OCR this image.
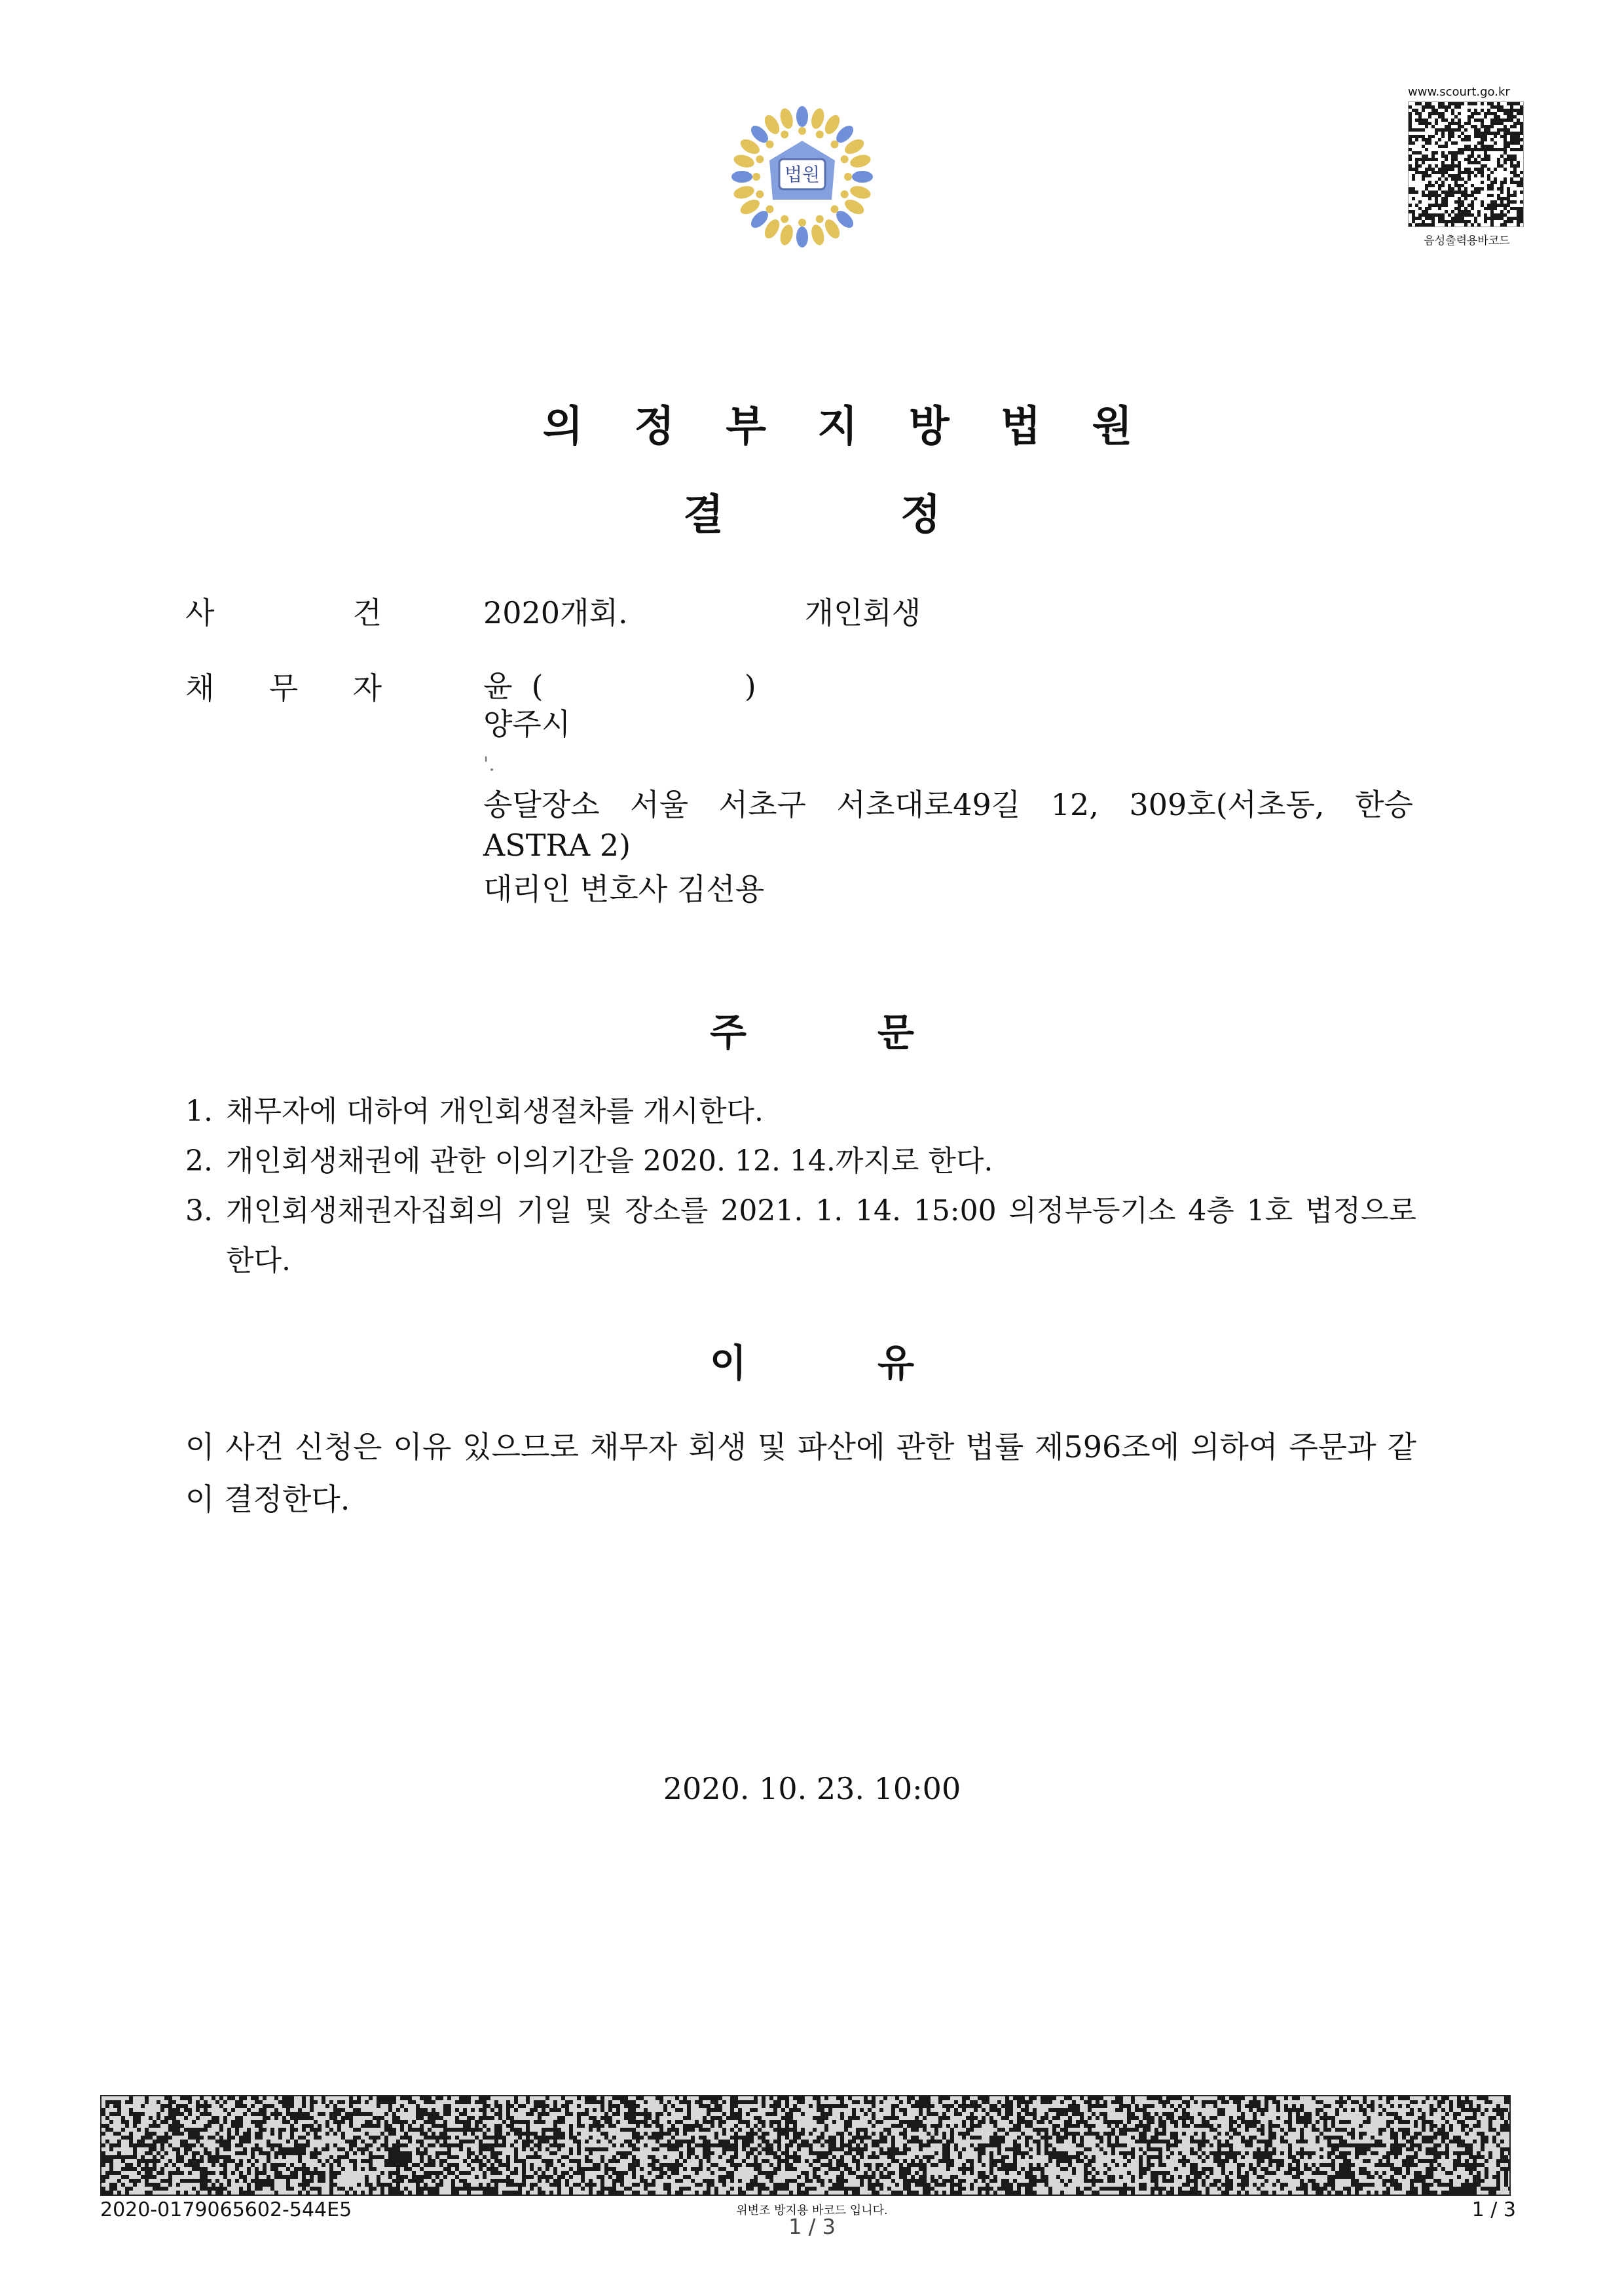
법원
www.scourt.go.kr
음성출력용바코드
의정부지방법원
결	정
사	건	2020개회.	개인회생
채 무 자	윤  (                     )
양주시
'.
송달장소 서울 서초구 서초대로49길 12, 309호(서초동, 한승
ASTRA 2)
대리인 변호사 김선용
주	문
1. 채무자에 대하여 개인회생절차를 개시한다.
2. 개인회생채권에 관한 이의기간을 2020. 12. 14.까지로 한다.
3. 개인회생채권자집회의 기일 및 장소를 2021. 1. 14. 15:00 의정부등기소 4층 1호 법정으로 한다.
이	유
이 사건 신청은 이유 있으므로 채무자 회생 및 파산에 관한 법률 제596조에 의하여 주문과 같이 결정한다.
2020. 10. 23. 10:00
2020-0179065602-544E5	위변조 방지용 바코드 입니다.
1 / 3
1 / 3
